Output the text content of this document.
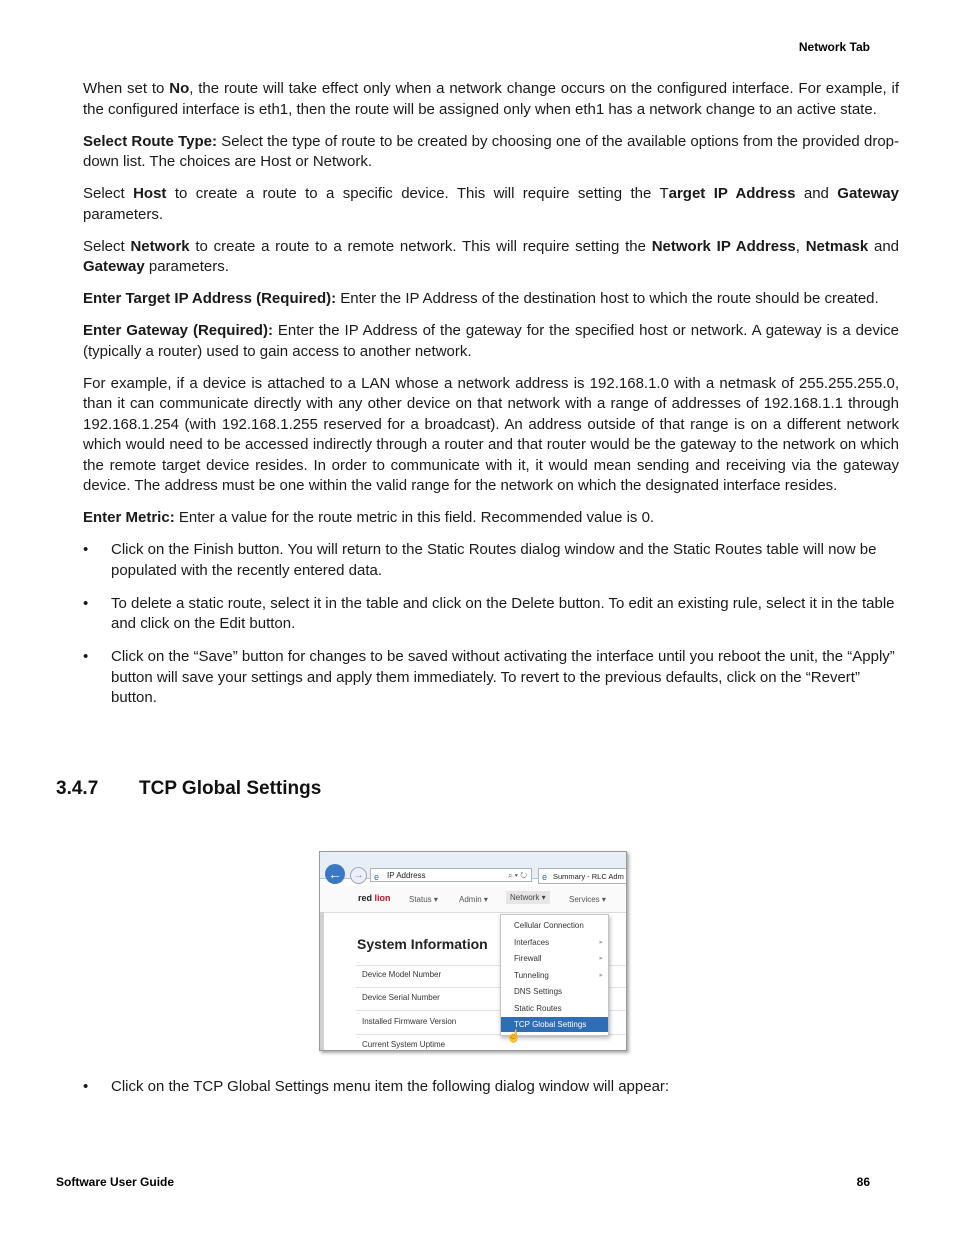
Network Tab

When set to No, the route will take effect only when a network change occurs on the configured interface. For example, if the configured interface is eth1, then the route will be assigned only when eth1 has a network change to an active state.

Select Route Type: Select the type of route to be created by choosing one of the available options from the provided drop-down list. The choices are Host or Network.

Select Host to create a route to a specific device. This will require setting the Target IP Address and Gateway parameters.

Select Network to create a route to a remote network. This will require setting the Network IP Address, Netmask and Gateway parameters.

Enter Target IP Address (Required): Enter the IP Address of the destination host to which the route should be created.

Enter Gateway (Required): Enter the IP Address of the gateway for the specified host or network. A gateway is a device (typically a router) used to gain access to another network.

For example, if a device is attached to a LAN whose a network address is 192.168.1.0 with a netmask of 255.255.255.0, than it can communicate directly with any other device on that network with a range of addresses of 192.168.1.1 through 192.168.1.254 (with 192.168.1.255 reserved for a broadcast). An address outside of that range is on a different network which would need to be accessed indirectly through a router and that router would be the gateway to the network on which the remote target device resides. In order to communicate with it, it would mean sending and receiving via the gateway device. The address must be one within the valid range for the network on which the designated interface resides.

Enter Metric: Enter a value for the route metric in this field. Recommended value is 0.

• Click on the Finish button. You will return to the Static Routes dialog window and the Static Routes table will now be populated with the recently entered data.
• To delete a static route, select it in the table and click on the Delete button. To edit an existing rule, select it in the table and click on the Edit button.
• Click on the “Save” button for changes to be saved without activating the interface until you reboot the unit, the “Apply” button will save your settings and apply them immediately. To revert to the previous defaults, click on the “Revert” button.
3.4.7 TCP Global Settings
←	→	e IP Address	⌕ ▾ ↻ e Summary - RLC Adm
red lion Status ▾	Admin ▾	Network ▾	Services ▾
System Information
Device Model Number
Device Serial Number
Installed Firmware Version
Current System Uptime
Cellular Connection
Interfaces	▸
Firewall	▸
Tunneling	▸
DNS Settings
Static Routes
TCP Global Settings
☝
• Click on the TCP Global Settings menu item the following dialog window will appear:
Software User Guide	86
